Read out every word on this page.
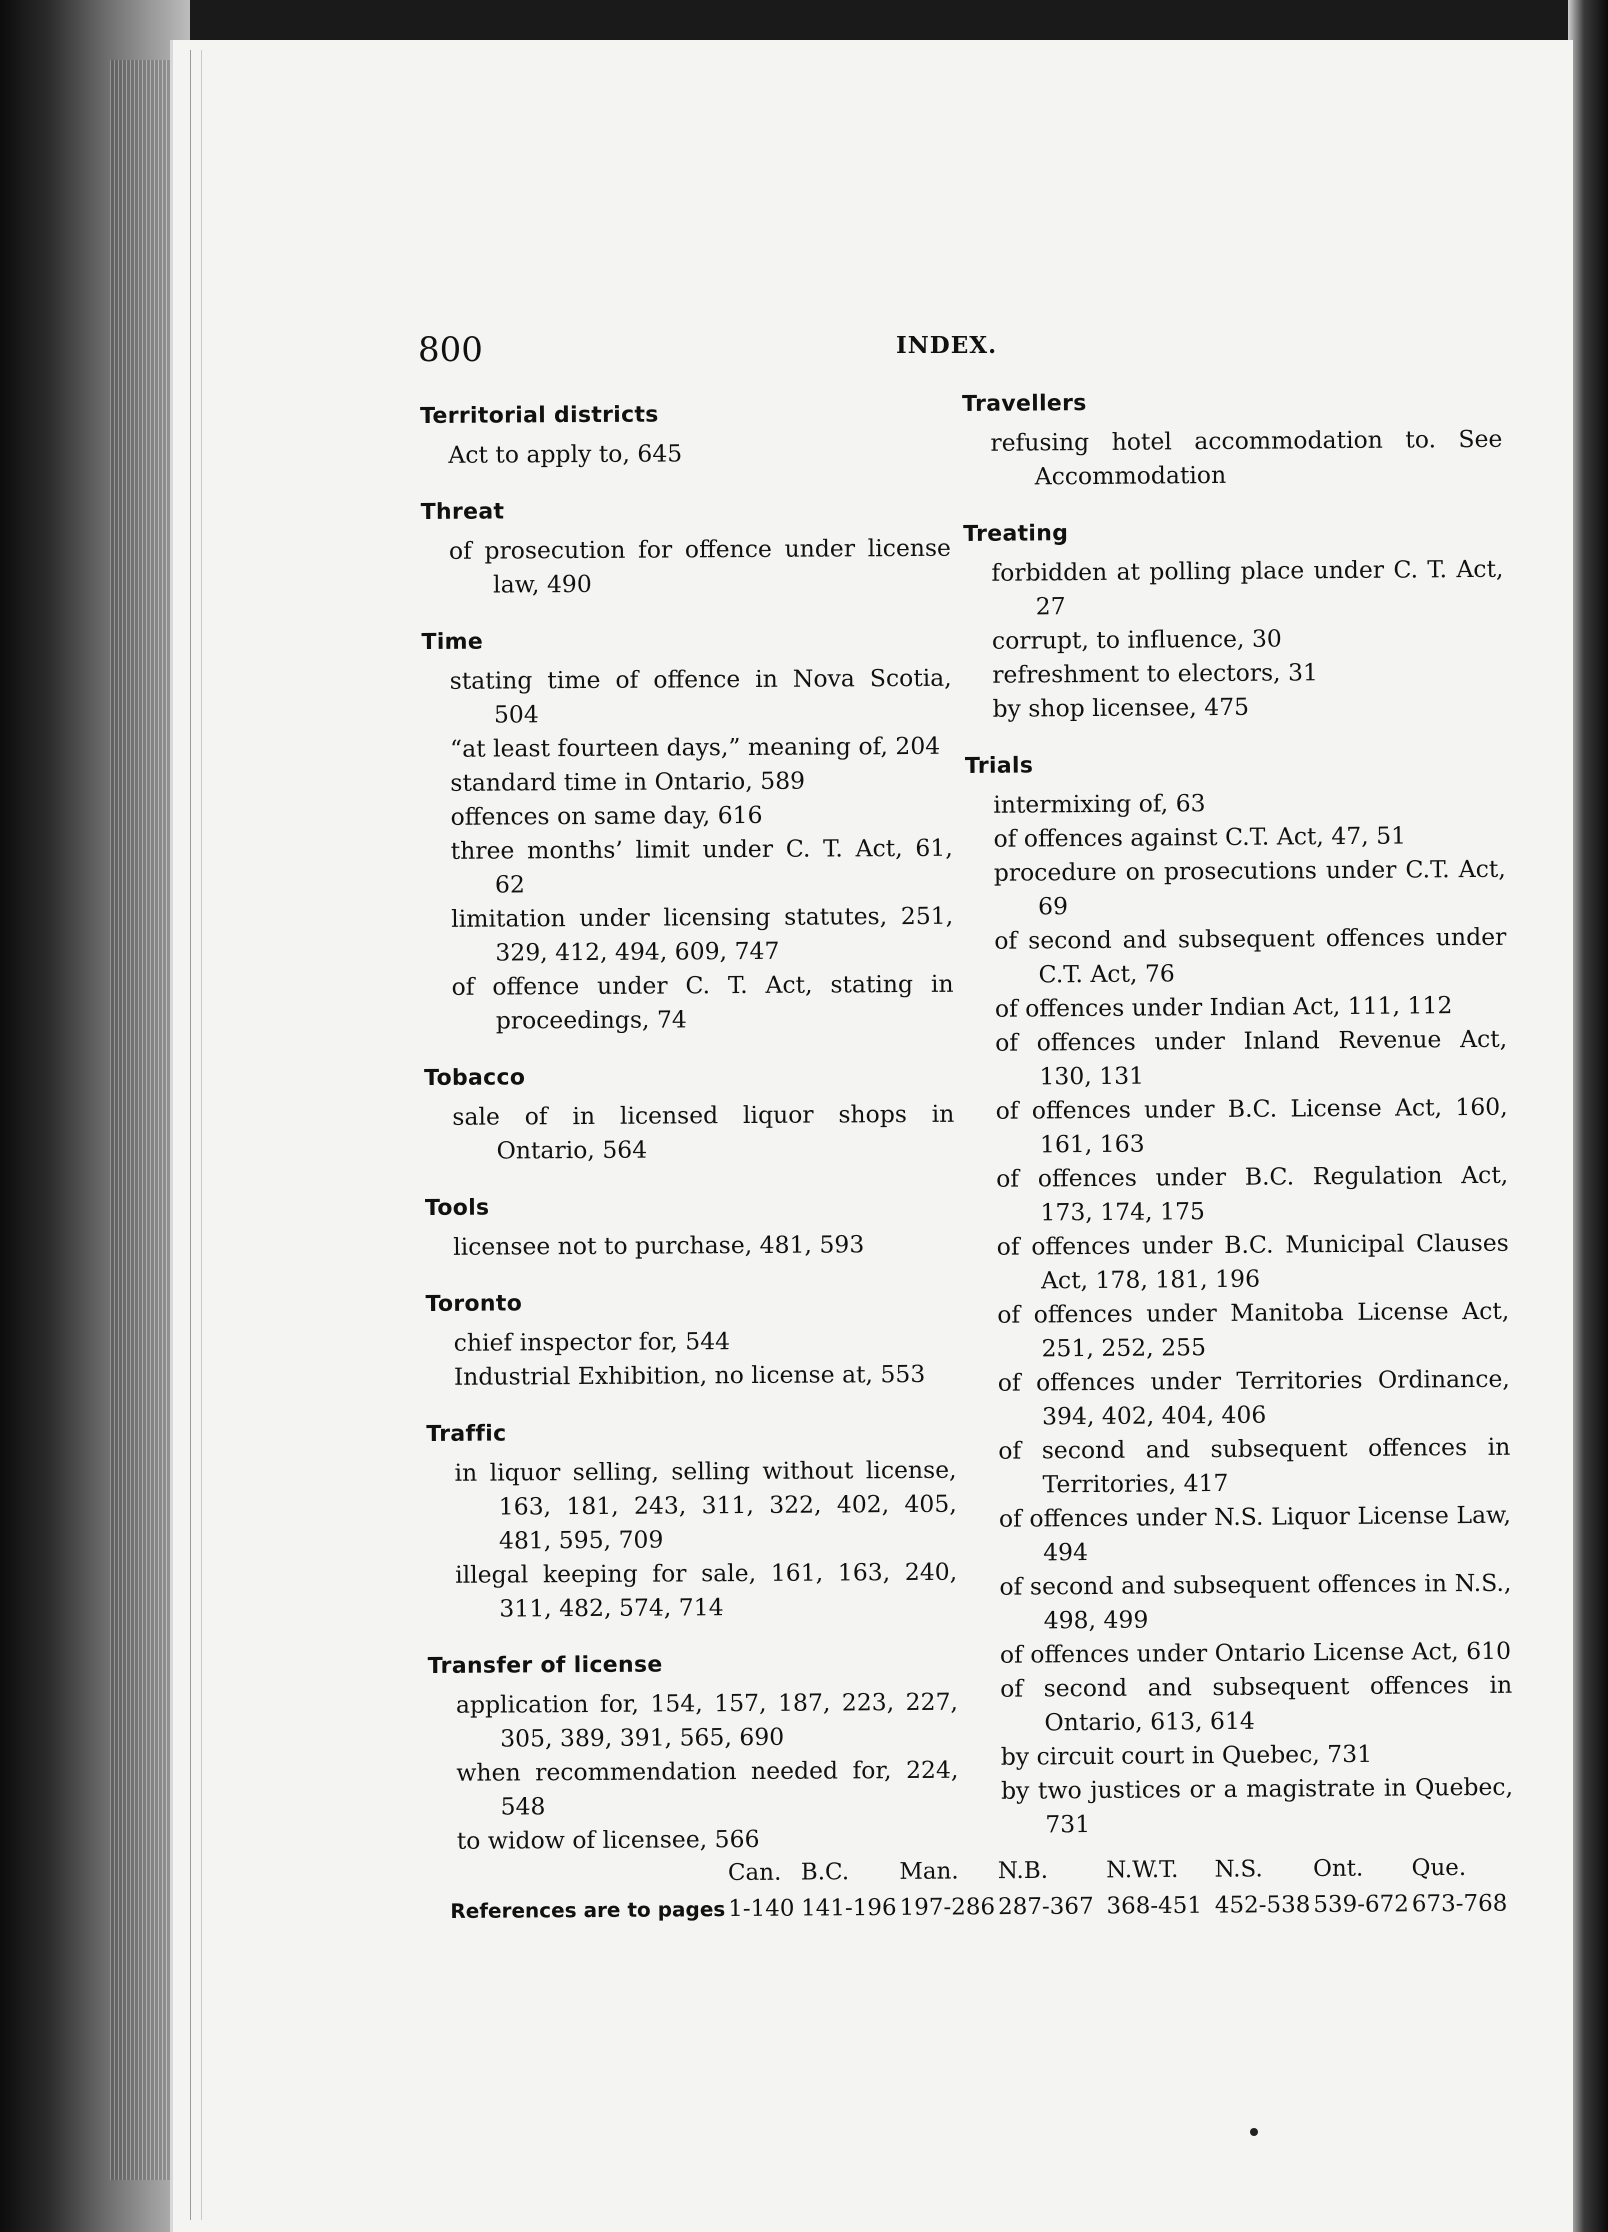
800	INDEX.
Territorial districts
Act to apply to, 645
Threat
of prosecution for offence under license law, 490
Time
stating time of offence in Nova Scotia, 504
“at least fourteen days,” meaning of, 204
standard time in Ontario, 589
offences on same day, 616
three months’ limit under C. T. Act, 61, 62
limitation under licensing statutes, 251, 329, 412, 494, 609, 747
of offence under C. T. Act, stating in proceedings, 74
Tobacco
sale of in licensed liquor shops in Ontario, 564
Tools
licensee not to purchase, 481, 593
Toronto
chief inspector for, 544
Industrial Exhibition, no license at, 553
Traffic
in liquor selling, selling without license, 163, 181, 243, 311, 322, 402, 405, 481, 595, 709
illegal keeping for sale, 161, 163, 240, 311, 482, 574, 714
Transfer of license
application for, 154, 157, 187, 223, 227, 305, 389, 391, 565, 690
when recommendation needed for, 224, 548
to widow of licensee, 566
Travellers
refusing hotel accommodation to. See Accommodation
Treating
forbidden at polling place under C. T. Act, 27
corrupt, to influence, 30
refreshment to electors, 31
by shop licensee, 475
Trials
intermixing of, 63
of offences against C.T. Act, 47, 51
procedure on prosecutions under C.T. Act, 69
of second and subsequent offences under C.T. Act, 76
of offences under Indian Act, 111, 112
of offences under Inland Revenue Act, 130, 131
of offences under B.C. License Act, 160, 161, 163
of offences under B.C. Regulation Act, 173, 174, 175
of offences under B.C. Municipal Clauses Act, 178, 181, 196
of offences under Manitoba License Act, 251, 252, 255
of offences under Territories Ordinance, 394, 402, 404, 406
of second and subsequent offences in Territories, 417
of offences under N.S. Liquor License Law, 494
of second and subsequent offences in N.S., 498, 499
of offences under Ontario License Act, 610
of second and subsequent offences in Ontario, 613, 614
by circuit court in Quebec, 731
by two justices or a magistrate in Quebec, 731
Can. B.C.	Man.	N.B.	N.W.T.	N.S.	Ont.	Que.
References are to pages 1-140 141-196 197-286 287-367 368-451 452-538 539-672 673-768
